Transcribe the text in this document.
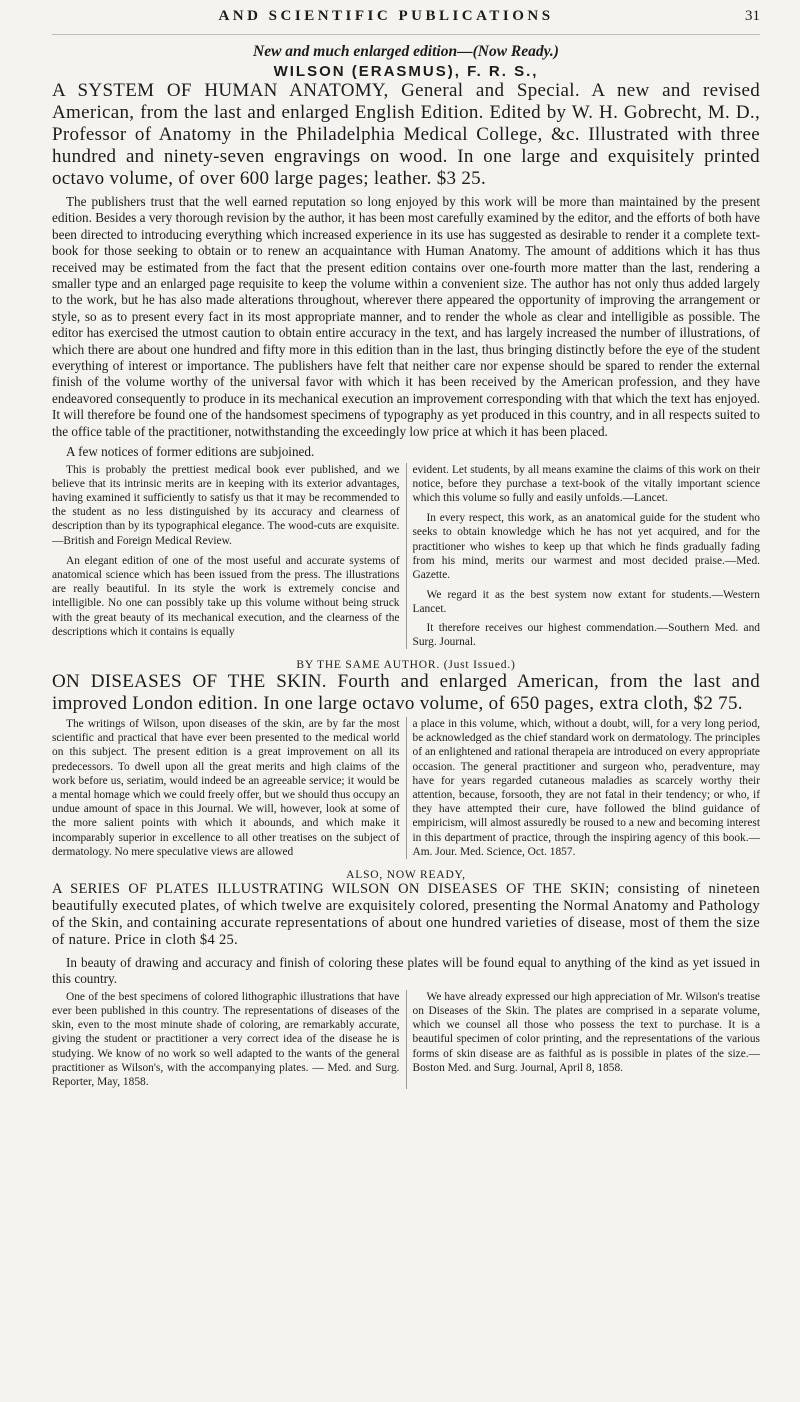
AND SCIENTIFIC PUBLICATIONS	31

New and much enlarged edition—(Now Ready.)

WILSON (ERASMUS), F. R. S.,

A SYSTEM OF HUMAN ANATOMY, General and Special. A new and revised American, from the last and enlarged English Edition. Edited by W. H. Gobrecht, M. D., Professor of Anatomy in the Philadelphia Medical College, &c. Illustrated with three hundred and ninety-seven engravings on wood. In one large and exquisitely printed octavo volume, of over 600 large pages; leather. $3 25.

The publishers trust that the well earned reputation so long enjoyed by this work will be more than maintained by the present edition. Besides a very thorough revision by the author, it has been most carefully examined by the editor, and the efforts of both have been directed to introducing everything which increased experience in its use has suggested as desirable to render it a complete text-book for those seeking to obtain or to renew an acquaintance with Human Anatomy. The amount of additions which it has thus received may be estimated from the fact that the present edition contains over one-fourth more matter than the last, rendering a smaller type and an enlarged page requisite to keep the volume within a convenient size. The author has not only thus added largely to the work, but he has also made alterations throughout, wherever there appeared the opportunity of improving the arrangement or style, so as to present every fact in its most appropriate manner, and to render the whole as clear and intelligible as possible. The editor has exercised the utmost caution to obtain entire accuracy in the text, and has largely increased the number of illustrations, of which there are about one hundred and fifty more in this edition than in the last, thus bringing distinctly before the eye of the student everything of interest or importance. The publishers have felt that neither care nor expense should be spared to render the external finish of the volume worthy of the universal favor with which it has been received by the American profession, and they have endeavored consequently to produce in its mechanical execution an improvement corresponding with that which the text has enjoyed. It will therefore be found one of the handsomest specimens of typography as yet produced in this country, and in all respects suited to the office table of the practitioner, notwithstanding the exceedingly low price at which it has been placed.

A few notices of former editions are subjoined.

This is probably the prettiest medical book ever published, and we believe that its intrinsic merits are in keeping with its exterior advantages, having examined it sufficiently to satisfy us that it may be recommended to the student as no less distinguished by its accuracy and clearness of description than by its typographical elegance. The wood-cuts are exquisite.—British and Foreign Medical Review.

An elegant edition of one of the most useful and accurate systems of anatomical science which has been issued from the press. The illustrations are really beautiful. In its style the work is extremely concise and intelligible. No one can possibly take up this volume without being struck with the great beauty of its mechanical execution, and the clearness of the descriptions which it contains is equally

evident. Let students, by all means examine the claims of this work on their notice, before they purchase a text-book of the vitally important science which this volume so fully and easily unfolds.—Lancet.

In every respect, this work, as an anatomical guide for the student who seeks to obtain knowledge which he has not yet acquired, and for the practitioner who wishes to keep up that which he finds gradually fading from his mind, merits our warmest and most decided praise.—Med. Gazette.

We regard it as the best system now extant for students.—Western Lancet.

It therefore receives our highest commendation.—Southern Med. and Surg. Journal.

BY THE SAME AUTHOR. (Just Issued.)

ON DISEASES OF THE SKIN. Fourth and enlarged American, from the last and improved London edition. In one large octavo volume, of 650 pages, extra cloth, $2 75.

The writings of Wilson, upon diseases of the skin, are by far the most scientific and practical that have ever been presented to the medical world on this subject. The present edition is a great improvement on all its predecessors. To dwell upon all the great merits and high claims of the work before us, seriatim, would indeed be an agreeable service; it would be a mental homage which we could freely offer, but we should thus occupy an undue amount of space in this Journal. We will, however, look at some of the more salient points with which it abounds, and which make it incomparably superior in excellence to all other treatises on the subject of dermatology. No mere speculative views are allowed

a place in this volume, which, without a doubt, will, for a very long period, be acknowledged as the chief standard work on dermatology. The principles of an enlightened and rational therapeia are introduced on every appropriate occasion. The general practitioner and surgeon who, peradventure, may have for years regarded cutaneous maladies as scarcely worthy their attention, because, forsooth, they are not fatal in their tendency; or who, if they have attempted their cure, have followed the blind guidance of empiricism, will almost assuredly be roused to a new and becoming interest in this department of practice, through the inspiring agency of this book.—Am. Jour. Med. Science, Oct. 1857.

ALSO, NOW READY,

A SERIES OF PLATES ILLUSTRATING WILSON ON DISEASES OF THE SKIN; consisting of nineteen beautifully executed plates, of which twelve are exquisitely colored, presenting the Normal Anatomy and Pathology of the Skin, and containing accurate representations of about one hundred varieties of disease, most of them the size of nature. Price in cloth $4 25.

In beauty of drawing and accuracy and finish of coloring these plates will be found equal to anything of the kind as yet issued in this country.

One of the best specimens of colored lithographic illustrations that have ever been published in this country. The representations of diseases of the skin, even to the most minute shade of coloring, are remarkably accurate, giving the student or practitioner a very correct idea of the disease he is studying. We know of no work so well adapted to the wants of the general practitioner as Wilson's, with the accompanying plates. — Med. and Surg. Reporter, May, 1858.

We have already expressed our high appreciation of Mr. Wilson's treatise on Diseases of the Skin. The plates are comprised in a separate volume, which we counsel all those who possess the text to purchase. It is a beautiful specimen of color printing, and the representations of the various forms of skin disease are as faithful as is possible in plates of the size.—Boston Med. and Surg. Journal, April 8, 1858.
